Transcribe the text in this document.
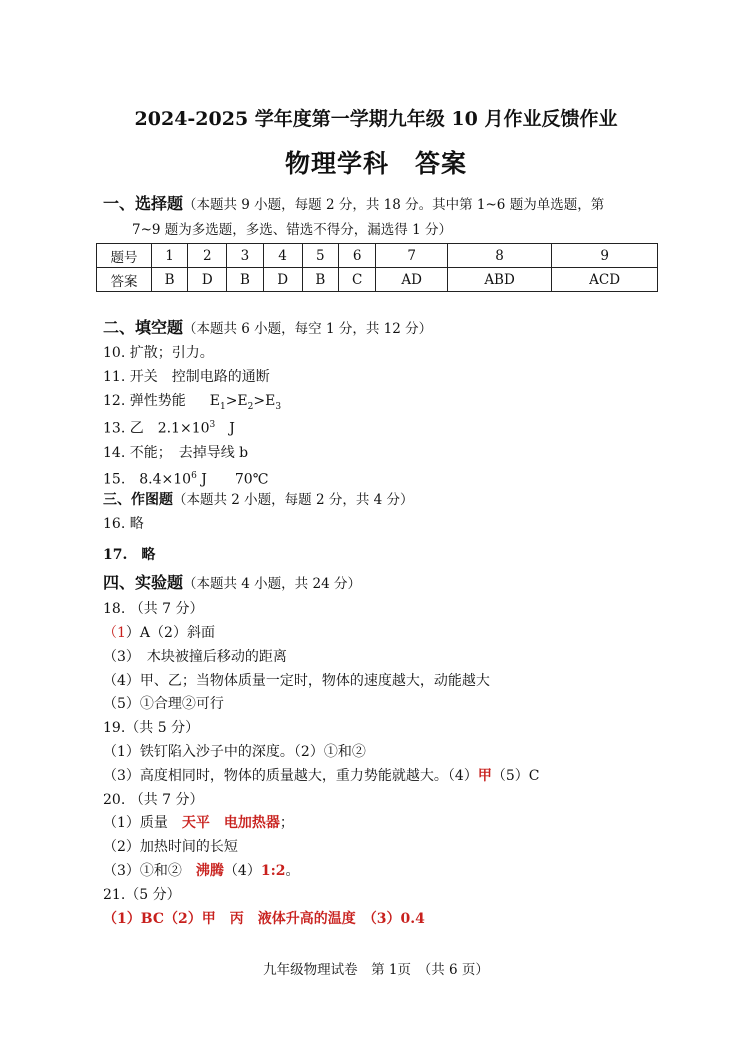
2024-2025 学年度第一学期九年级 10 月作业反馈作业
物理学科　答案
一、选择题（本题共 9 小题，每题 2 分，共 18 分。其中第 1~6 题为单选题，第
7~9 题为多选题，多选、错选不得分，漏选得 1 分）
题号	1	2	3	4	5	6	7	8	9
答案	B	D	B	D	B	C	AD	ABD	ACD
二、填空题（本题共 6 小题，每空 1 分，共 12 分）
10. 扩散；引力。
11. 开关　控制电路的通断
12. 弹性势能 $E_1>E_2>E_3$
13. 乙　$2.1\times 10^3$　J
14. 不能；　去掉导线 b
15.　$8.4\times 10^6$ J 70℃
三、作图题（本题共 2 小题，每题 2 分，共 4 分）
16. 略
17.　略
四、实验题（本题共 4 小题，共 24 分）
18. （共 7 分）
（1）A（2）斜面
（3）　木块被撞后移动的距离
（4）甲、乙；当物体质量一定时，物体的速度越大，动能越大
（5）①合理②可行
19.（共 5 分）
（1）铁钉陷入沙子中的深度。（2）①和②
（3）高度相同时，物体的质量越大，重力势能就越大。（4）甲（5）C
20. （共 7 分）
（1）质量　天平　电加热器；
（2）加热时间的长短
（3）①和②　沸腾（4）1:2。
21.（5 分）
（1）BC（2）甲　丙　液体升高的温度　（3）0.4
九年级物理试卷　第 1页　（共 6 页）
